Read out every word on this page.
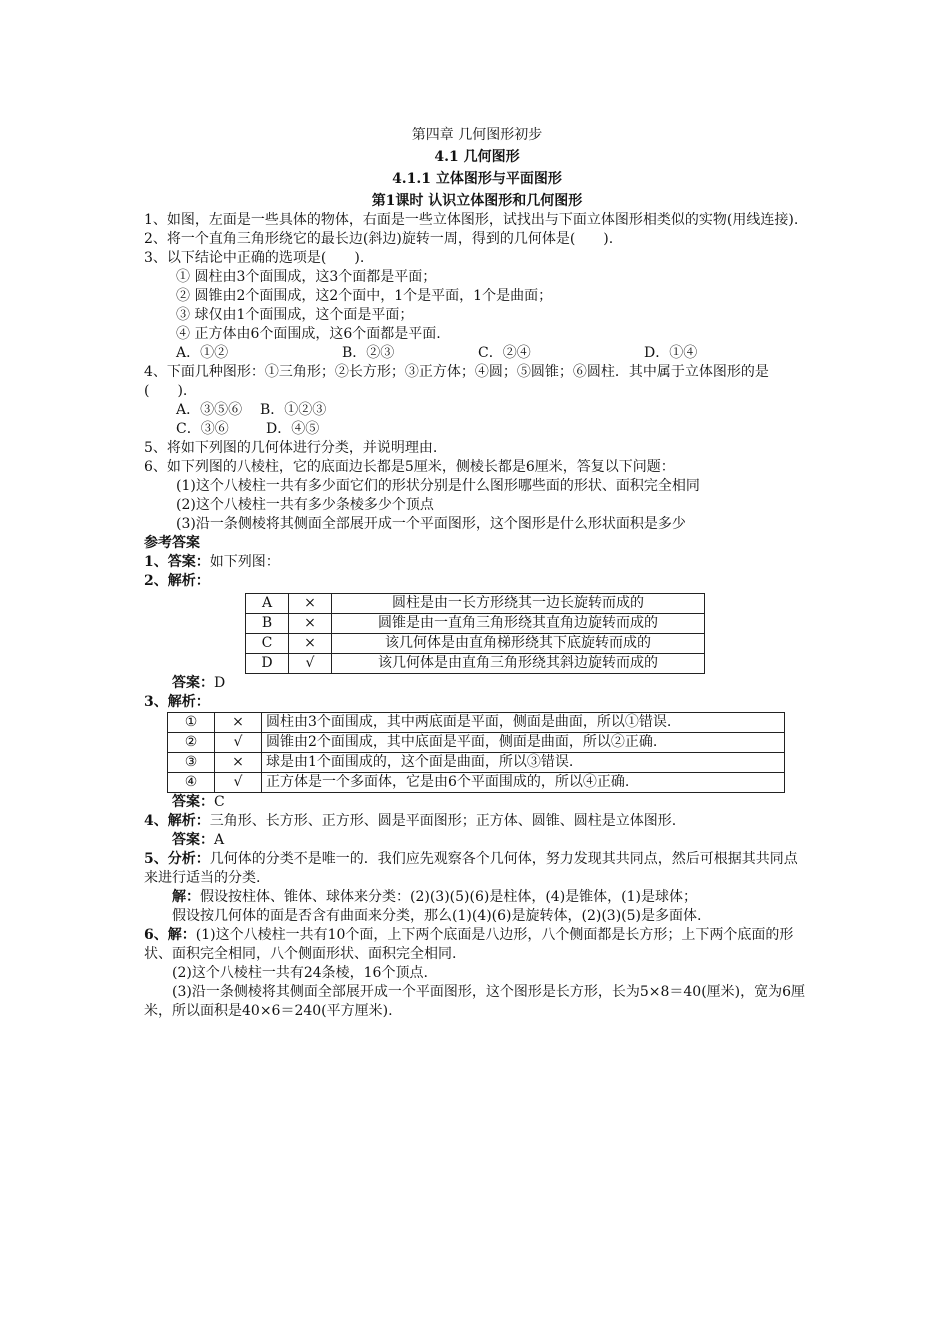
第四章 几何图形初步
4.1 几何图形
4.1.1 立体图形与平面图形
第1课时 认识立体图形和几何图形
1、如图，左面是一些具体的物体，右面是一些立体图形，试找出与下面立体图形相类似的实物(用线连接).
2、将一个直角三角形绕它的最长边(斜边)旋转一周，得到的几何体是(　　).
3、以下结论中正确的选项是(　　).
① 圆柱由3个面围成，这3个面都是平面；
② 圆锥由2个面围成，这2个面中，1个是平面，1个是曲面；
③ 球仅由1个面围成，这个面是平面；
④ 正方体由6个面围成，这6个面都是平面.
A．①②	B．②③	C．②④	D．①④
4、下面几种图形：①三角形；②长方形；③正方体；④圆；⑤圆锥；⑥圆柱．其中属于立体图形的是(　　).
A．③⑤⑥ B．①②③
C．③⑥	D．④⑤
5、将如下列图的几何体进行分类，并说明理由.
6、如下列图的八棱柱，它的底面边长都是5厘米，侧棱长都是6厘米，答复以下问题：
(1)这个八棱柱一共有多少面它们的形状分别是什么图形哪些面的形状、面积完全相同
(2)这个八棱柱一共有多少条棱多少个顶点
(3)沿一条侧棱将其侧面全部展开成一个平面图形，这个图形是什么形状面积是多少
参考答案
1、答案：如下列图：
2、解析：
A	×	圆柱是由一长方形绕其一边长旋转而成的
B	×	圆锥是由一直角三角形绕其直角边旋转而成的
C	×	该几何体是由直角梯形绕其下底旋转而成的
D	√	该几何体是由直角三角形绕其斜边旋转而成的
答案：D
3、解析：
①	×	圆柱由3个面围成，其中两底面是平面，侧面是曲面，所以①错误.
②	√	圆锥由2个面围成，其中底面是平面，侧面是曲面，所以②正确.
③	×	球是由1个面围成的，这个面是曲面，所以③错误.
④	√	正方体是一个多面体，它是由6个平面围成的，所以④正确.
答案：C
4、解析：三角形、长方形、正方形、圆是平面图形；正方体、圆锥、圆柱是立体图形.
答案：A
5、分析：几何体的分类不是唯一的．我们应先观察各个几何体，努力发现其共同点，然后可根据其共同点来进行适当的分类.
解：假设按柱体、锥体、球体来分类：(2)(3)(5)(6)是柱体，(4)是锥体，(1)是球体；
假设按几何体的面是否含有曲面来分类，那么(1)(4)(6)是旋转体，(2)(3)(5)是多面体.
6、解：(1)这个八棱柱一共有10个面，上下两个底面是八边形，八个侧面都是长方形；上下两个底面的形状、面积完全相同，八个侧面形状、面积完全相同.
(2)这个八棱柱一共有24条棱，16个顶点.
(3)沿一条侧棱将其侧面全部展开成一个平面图形，这个图形是长方形，长为5×8＝40(厘米)，宽为6厘米，所以面积是40×6＝240(平方厘米).
